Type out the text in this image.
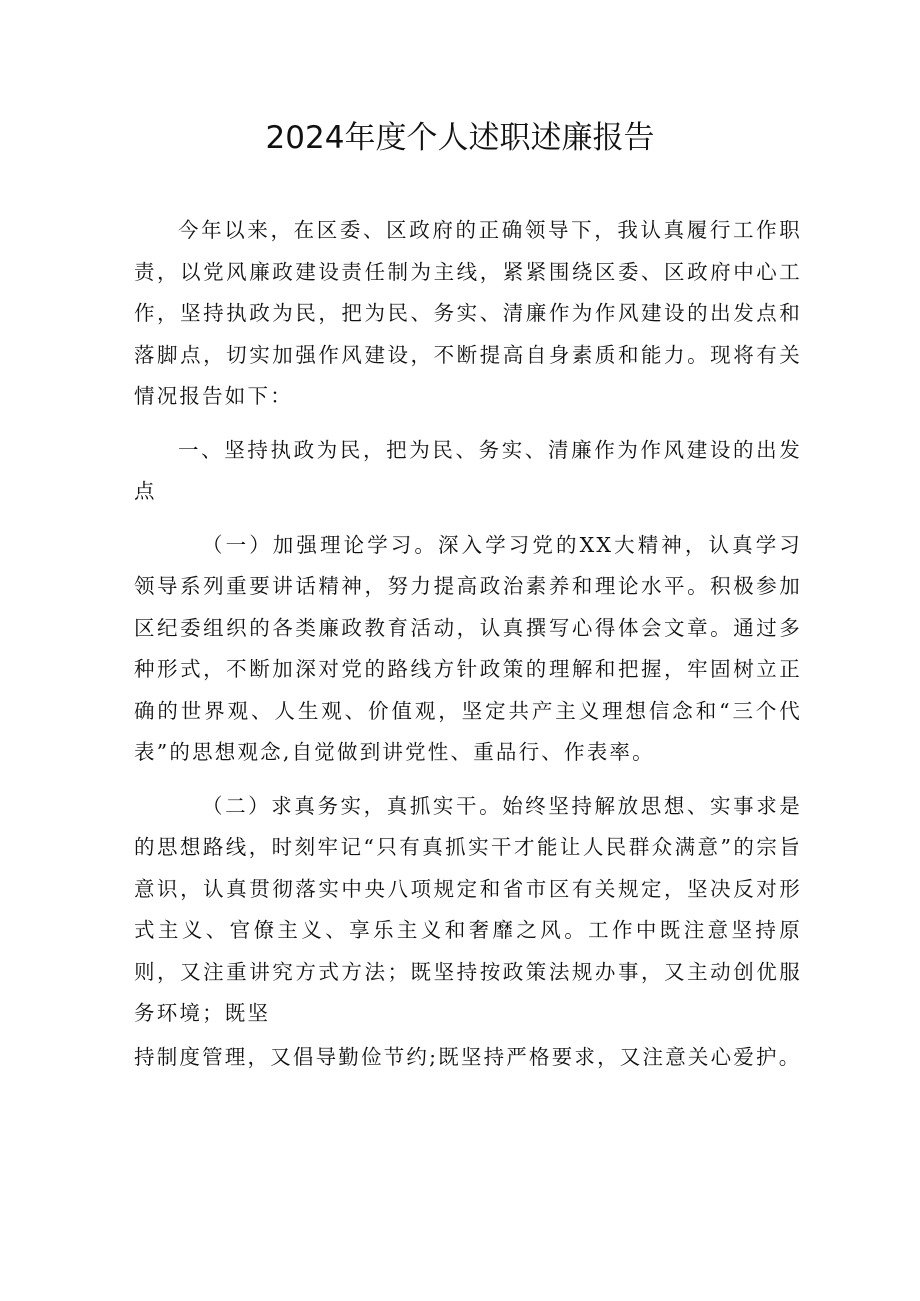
2024年度个人述职述廉报告

今年以来，在区委、区政府的正确领导下，我认真履行工作职责，以党风廉政建设责任制为主线，紧紧围绕区委、区政府中心工作，坚持执政为民，把为民、务实、清廉作为作风建设的出发点和落脚点，切实加强作风建设，不断提高自身素质和能力。现将有关情况报告如下：

一、坚持执政为民，把为民、务实、清廉作为作风建设的出发点

（一）加强理论学习。深入学习党的XX大精神，认真学习领导系列重要讲话精神，努力提高政治素养和理论水平。积极参加区纪委组织的各类廉政教育活动，认真撰写心得体会文章。通过多种形式，不断加深对党的路线方针政策的理解和把握，牢固树立正确的世界观、人生观、价值观，坚定共产主义理想信念和“三个代表”的思想观念,自觉做到讲党性、重品行、作表率。

（二）求真务实，真抓实干。始终坚持解放思想、实事求是的思想路线，时刻牢记“只有真抓实干才能让人民群众满意”的宗旨意识，认真贯彻落实中央八项规定和省市区有关规定，坚决反对形式主义、官僚主义、享乐主义和奢靡之风。工作中既注意坚持原则，又注重讲究方式方法；既坚持按政策法规办事，又主动创优服务环境；既坚

持制度管理，又倡导勤俭节约;既坚持严格要求，又注意关心爱护。
